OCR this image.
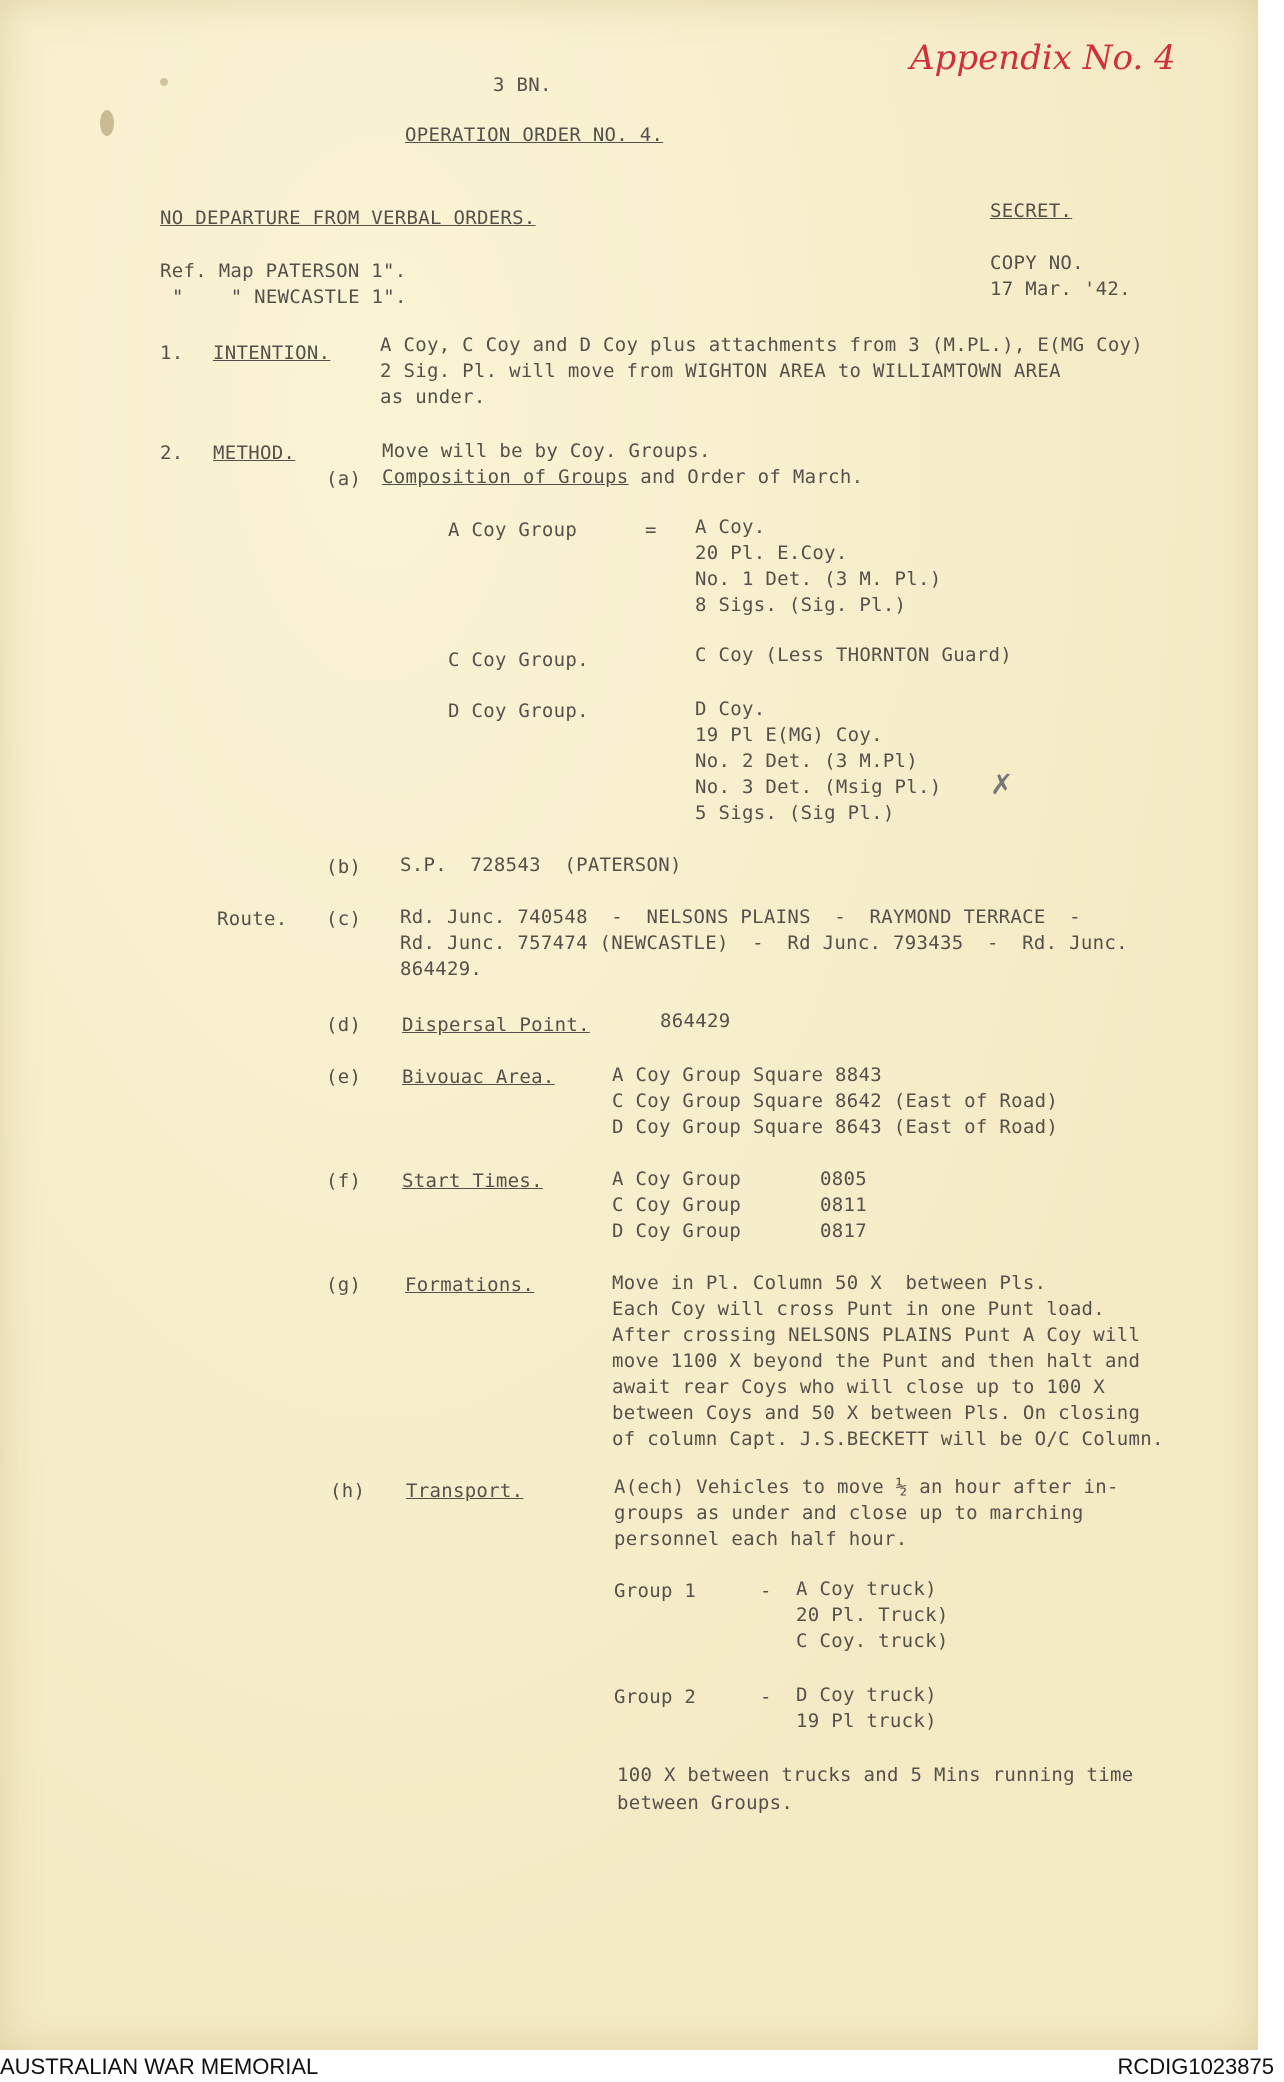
Appendix No. 4
3 BN.
OPERATION ORDER NO. 4.
NO DEPARTURE FROM VERBAL ORDERS.	SECRET.
Ref. Map PATERSON 1".
"    " NEWCASTLE 1".
COPY NO.
17 Mar. '42.
1. INTENTION.	A Coy, C Coy and D Coy plus attachments from 3 (M.PL.), E(MG Coy)
2 Sig. Pl. will move from WIGHTON AREA to WILLIAMTOWN AREA
as under.
2. METHOD.	Move will be by Coy. Groups.
(a) Composition of Groups and Order of March.
A Coy Group	= A Coy.
20 Pl. E.Coy.
No. 1 Det. (3 M. Pl.)
8 Sigs. (Sig. Pl.)
C Coy Group.	C Coy (Less THORNTON Guard)
D Coy Group.	D Coy.
19 Pl E(MG) Coy.
No. 2 Det. (3 M.Pl)
No. 3 Det. (Msig Pl.)
5 Sigs. (Sig Pl.)
✗
(b) S.P.  728543  (PATERSON)
Route. (c) Rd. Junc. 740548  -  NELSONS PLAINS  -  RAYMOND TERRACE  -
Rd. Junc. 757474 (NEWCASTLE)  -  Rd Junc. 793435  -  Rd. Junc.
864429.
(d) Dispersal Point.	864429
(e) Bivouac Area.	A Coy Group Square 8843
C Coy Group Square 8642 (East of Road)
D Coy Group Square 8643 (East of Road)
(f) Start Times.	A Coy Group	0805
C Coy Group	0811
D Coy Group	0817
(g) Formations.	Move in Pl. Column 50 X  between Pls.
Each Coy will cross Punt in one Punt load.
After crossing NELSONS PLAINS Punt A Coy will
move 1100 X beyond the Punt and then halt and
await rear Coys who will close up to 100 X
between Coys and 50 X between Pls. On closing
of column Capt. J.S.BECKETT will be O/C Column.
(h) Transport.	A(ech) Vehicles to move ½ an hour after in-
groups as under and close up to marching
personnel each half hour.
Group 1	- A Coy truck)
20 Pl. Truck)
C Coy. truck)
Group 2	- D Coy truck)
19 Pl truck)
100 X between trucks and 5 Mins running time
between Groups.
AUSTRALIAN WAR MEMORIAL	RCDIG1023875
